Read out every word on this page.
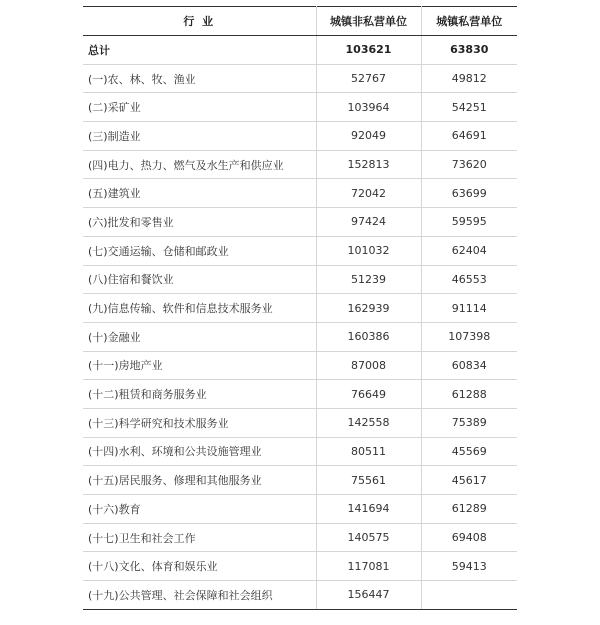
行 业	城镇非私营单位	城镇私营单位
总计	103621	63830
(一)农、林、牧、渔业	52767	49812
(二)采矿业	103964	54251
(三)制造业	92049	64691
(四)电力、热力、燃气及水生产和供应业	152813	73620
(五)建筑业	72042	63699
(六)批发和零售业	97424	59595
(七)交通运输、仓储和邮政业	101032	62404
(八)住宿和餐饮业	51239	46553
(九)信息传输、软件和信息技术服务业	162939	91114
(十)金融业	160386	107398
(十一)房地产业	87008	60834
(十二)租赁和商务服务业	76649	61288
(十三)科学研究和技术服务业	142558	75389
(十四)水利、环境和公共设施管理业	80511	45569
(十五)居民服务、修理和其他服务业	75561	45617
(十六)教育	141694	61289
(十七)卫生和社会工作	140575	69408
(十八)文化、体育和娱乐业	117081	59413
(十九)公共管理、社会保障和社会组织	156447	
